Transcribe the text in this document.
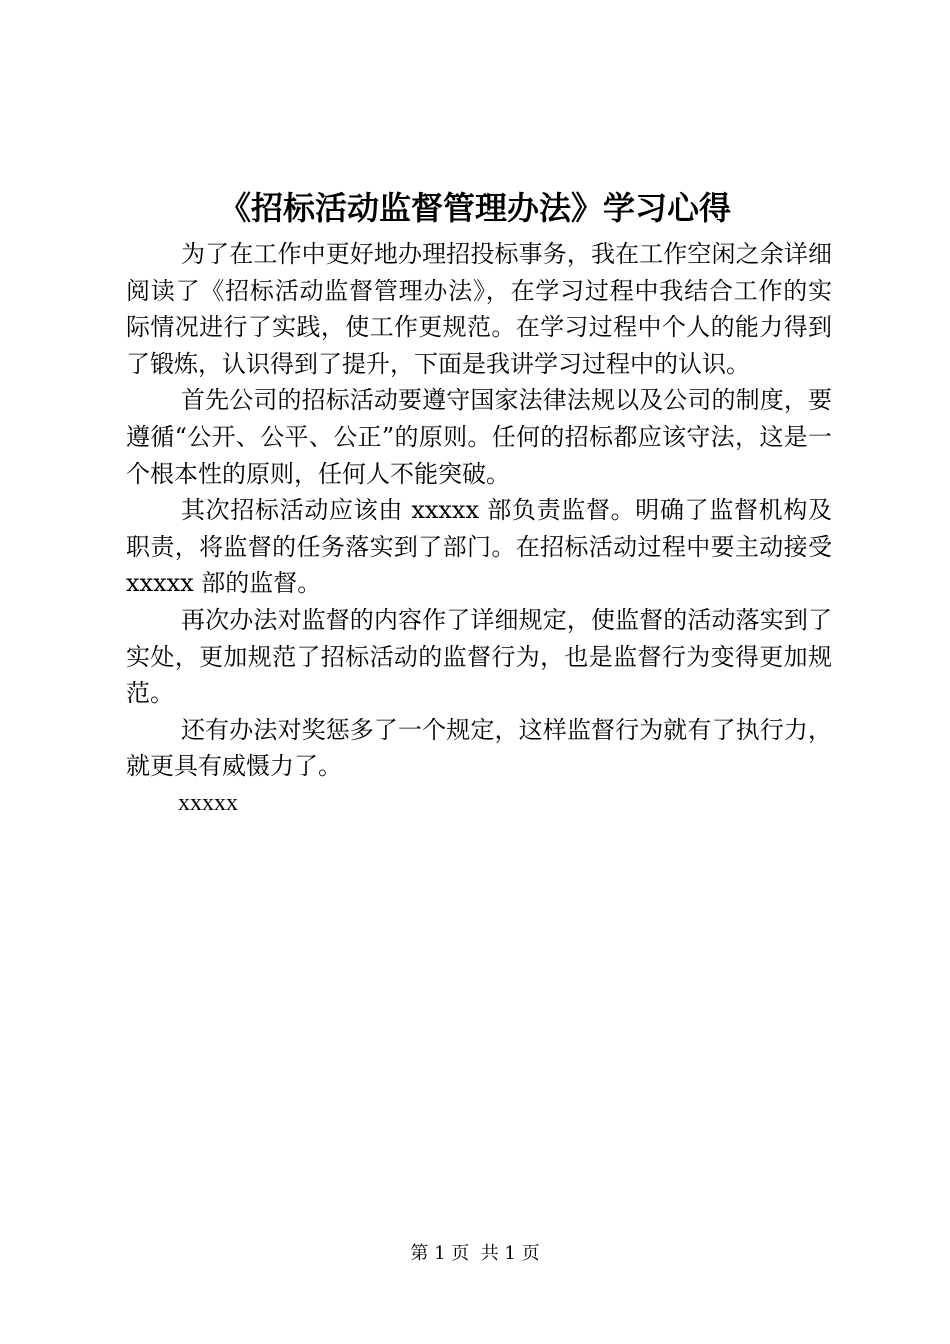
《招标活动监督管理办法》学习心得

为了在工作中更好地办理招投标事务，我在工作空闲之余详细阅读了《招标活动监督管理办法》，在学习过程中我结合工作的实际情况进行了实践，使工作更规范。在学习过程中个人的能力得到了锻炼，认识得到了提升，下面是我讲学习过程中的认识。

首先公司的招标活动要遵守国家法律法规以及公司的制度，要遵循“公开、公平、公正”的原则。任何的招标都应该守法，这是一个根本性的原则，任何人不能突破。

其次招标活动应该由 xxxxx 部负责监督。明确了监督机构及职责，将监督的任务落实到了部门。在招标活动过程中要主动接受 xxxxx 部的监督。

再次办法对监督的内容作了详细规定，使监督的活动落实到了实处，更加规范了招标活动的监督行为，也是监督行为变得更加规范。

还有办法对奖惩多了一个规定，这样监督行为就有了执行力，就更具有威慑力了。

xxxxx

第 1 页  共 1 页
